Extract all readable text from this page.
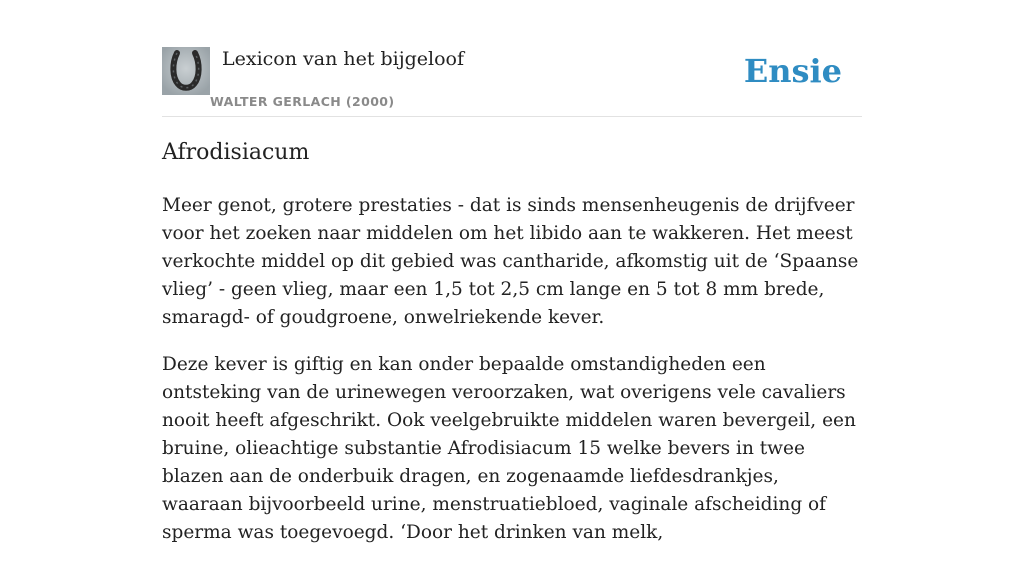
Lexicon van het bijgeloof
WALTER GERLACH (2000)
Ensie
Afrodisiacum

Meer genot, grotere prestaties - dat is sinds mensenheugenis de drijfveer voor het zoeken naar middelen om het libido aan te wakkeren. Het meest verkochte middel op dit gebied was cantharide, afkomstig uit de ‘Spaanse vlieg’ - geen vlieg, maar een 1,5 tot 2,5 cm lange en 5 tot 8 mm brede, smaragd- of goudgroene, onwelriekende kever.

Deze kever is giftig en kan onder bepaalde omstandigheden een ontsteking van de urinewegen veroorzaken, wat overigens vele cavaliers nooit heeft afgeschrikt. Ook veelgebruikte middelen waren bevergeil, een bruine, olieachtige substantie Afrodisiacum 15 welke bevers in twee blazen aan de onderbuik dragen, en zogenaamde liefdesdrankjes, waaraan bijvoorbeeld urine, menstruatiebloed, vaginale afscheiding of sperma was toegevoegd. ‘Door het drinken van melk,
